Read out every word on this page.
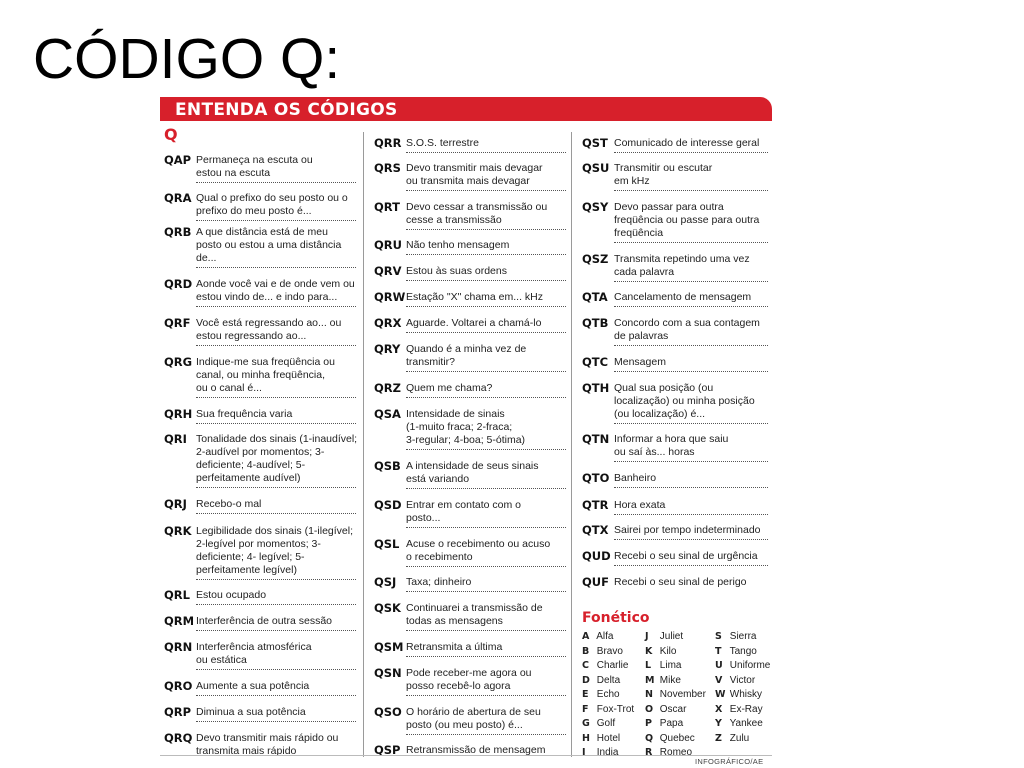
CÓDIGO Q:
ENTENDA OS CÓDIGOS
Q
QAP Permaneça na escuta ou
estou na escuta
QRA Qual o prefixo do seu posto ou o
prefixo do meu posto é...
QRB A que distância está de meu
posto ou estou a uma distância
de...
QRD Aonde você vai e de onde vem ou
estou vindo de... e indo para...
QRF Você está regressando ao... ou
estou regressando ao...
QRG Indique-me sua freqüência ou
canal, ou minha freqüência,
ou o canal é...
QRH Sua frequência varia
QRI Tonalidade dos sinais (1-inaudível;
2-audível por momentos; 3-
deficiente; 4-audível; 5-
perfeitamente audível)
QRJ Recebo-o mal
QRK Legibilidade dos sinais (1-ilegível;
2-legível por momentos; 3-
deficiente; 4- legível; 5-
perfeitamente legível)
QRL Estou ocupado
QRM Interferência de outra sessão
QRN Interferência atmosférica
ou estática
QRO Aumente a sua potência
QRP Diminua a sua potência
QRQ Devo transmitir mais rápido ou
transmita mais rápido
QRR S.O.S. terrestre
QRS Devo transmitir mais devagar
ou transmita mais devagar
QRT Devo cessar a transmissão ou
cesse a transmissão
QRU Não tenho mensagem
QRV Estou às suas ordens
QRW Estação "X" chama em... kHz
QRX Aguarde. Voltarei a chamá-lo
QRY Quando é a minha vez de
transmitir?
QRZ Quem me chama?
QSA Intensidade de sinais
(1-muito fraca; 2-fraca;
3-regular; 4-boa; 5-ótima)
QSB A intensidade de seus sinais
está variando
QSD Entrar em contato com o
posto...
QSL Acuse o recebimento ou acuso
o recebimento
QSJ Taxa; dinheiro
QSK Continuarei a transmissão de
todas as mensagens
QSM Retransmita a última
QSN Pode receber-me agora ou
posso recebê-lo agora
QSO O horário de abertura de seu
posto (ou meu posto) é...
QSP Retransmissão de mensagem
QST Comunicado de interesse geral
QSU Transmitir ou escutar
em kHz
QSY Devo passar para outra
freqüência ou passe para outra
freqüência
QSZ Transmita repetindo uma vez
cada palavra
QTA Cancelamento de mensagem
QTB Concordo com a sua contagem
de palavras
QTC Mensagem
QTH Qual sua posição (ou
localização) ou minha posição
(ou localização) é...
QTN Informar a hora que saiu
ou saí às... horas
QTO Banheiro
QTR Hora exata
QTX Sairei por tempo indeterminado
QUD Recebi o seu sinal de urgência
QUF Recebi o seu sinal de perigo
Fonético
A Alfa
B Bravo
C Charlie
D Delta
E Echo
F Fox-Trot
G Golf
H Hotel
I India
J Juliet
K Kilo
L Lima
M Mike
N November
O Oscar
P Papa
Q Quebec
R Romeo
S Sierra
T Tango
U Uniforme
V Victor
W Whisky
X Ex-Ray
Y Yankee
Z Zulu
INFOGRÁFICO/AE
